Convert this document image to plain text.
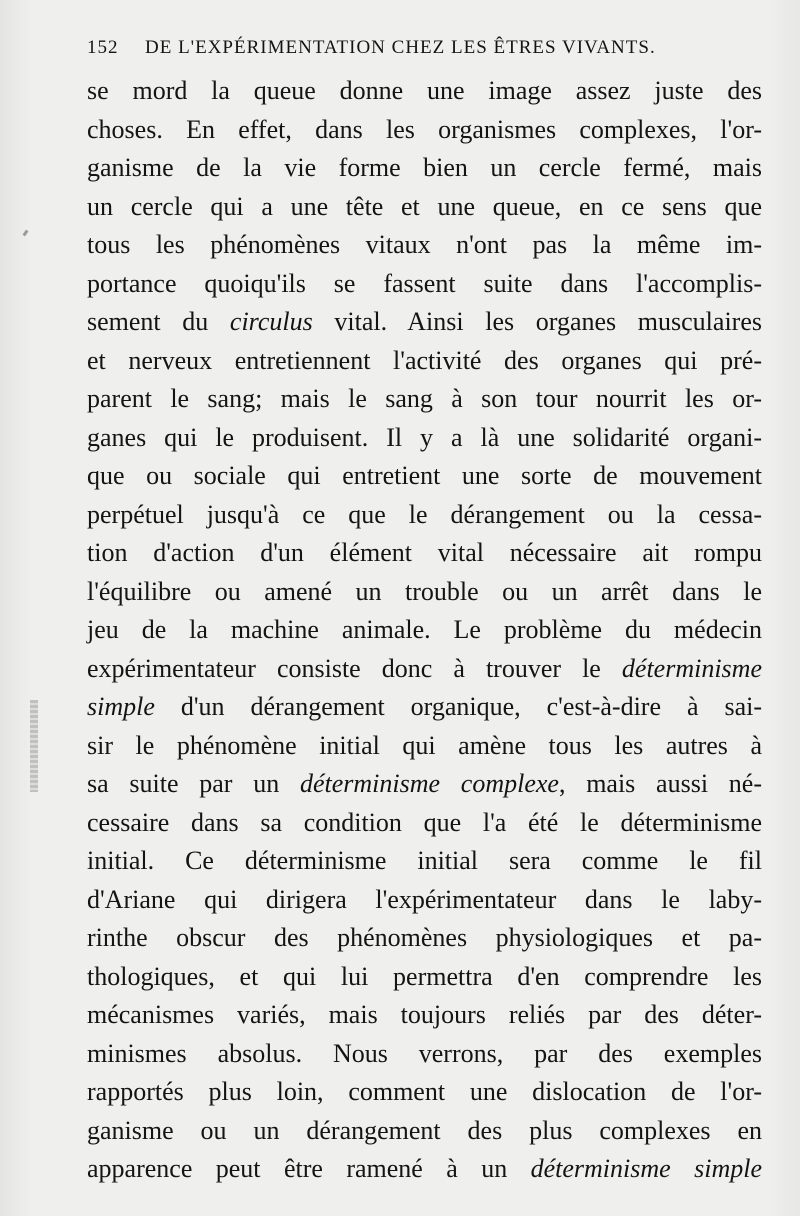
152	DE L'EXPÉRIMENTATION CHEZ LES ÊTRES VIVANTS.
se mord la queue donne une image assez juste des
choses. En effet, dans les organismes complexes, l'or-
ganisme de la vie forme bien un cercle fermé, mais
un cercle qui a une tête et une queue, en ce sens que
tous les phénomènes vitaux n'ont pas la même im-
portance quoiqu'ils se fassent suite dans l'accomplis-
sement du circulus vital. Ainsi les organes musculaires
et nerveux entretiennent l'activité des organes qui pré-
parent le sang; mais le sang à son tour nourrit les or-
ganes qui le produisent. Il y a là une solidarité organi-
que ou sociale qui entretient une sorte de mouvement
perpétuel jusqu'à ce que le dérangement ou la cessa-
tion d'action d'un élément vital nécessaire ait rompu
l'équilibre ou amené un trouble ou un arrêt dans le
jeu de la machine animale. Le problème du médecin
expérimentateur consiste donc à trouver le déterminisme
simple d'un dérangement organique, c'est-à-dire à sai-
sir le phénomène initial qui amène tous les autres à
sa suite par un déterminisme complexe, mais aussi né-
cessaire dans sa condition que l'a été le déterminisme
initial. Ce déterminisme initial sera comme le fil
d'Ariane qui dirigera l'expérimentateur dans le laby-
rinthe obscur des phénomènes physiologiques et pa-
thologiques, et qui lui permettra d'en comprendre les
mécanismes variés, mais toujours reliés par des déter-
minismes absolus. Nous verrons, par des exemples
rapportés plus loin, comment une dislocation de l'or-
ganisme ou un dérangement des plus complexes en
apparence peut être ramené à un déterminisme simple
